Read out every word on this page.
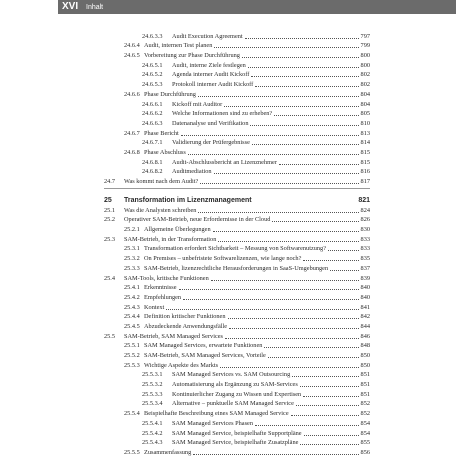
XVI Inhalt
24.6.3.3	Audit Execution Agreement	797
24.6.4 Audit, internen Test planen	799
24.6.5 Vorbereitung zur Phase Durchführung	800
24.6.5.1	Audit, interne Ziele festlegen	800
24.6.5.2	Agenda interner Audit Kickoff	802
24.6.5.3	Protokoll interner Audit Kickoff	802
24.6.6 Phase Durchführung	804
24.6.6.1	Kickoff mit Auditor	804
24.6.6.2	Welche Informationen sind zu erheben?	805
24.6.6.3	Datenanalyse und Verifikation	810
24.6.7 Phase Bericht	813
24.6.7.1	Validierung der Prüfergebnisse	814
24.6.8 Phase Abschluss	815
24.6.8.1	Audit-Abschlussbericht an Lizenznehmer	815
24.6.8.2	Auditmediation	816
24.7	Was kommt nach dem Audit?	817
25	Transformation im Lizenzmanagement	821
25.1	Was die Analysten schreiben	824
25.2	Operativer SAM-Betrieb, neue Erfordernisse in der Cloud	826
25.2.1 Allgemeine Überlegungen	830
25.3	SAM-Betrieb, in der Transformation	833
25.3.1 Transformation erfordert Sichtbarkeit – Messung von Softwarenutzung?	833
25.3.2 On Premises – unbefristete Softwarelizenzen, wie lange noch?	835
25.3.3 SAM-Betrieb, lizenzrechtliche Herausforderungen in SaaS-Umgebungen	837
25.4	SAM-Tools, kritische Funktionen	839
25.4.1 Erkenntnisse	840
25.4.2 Empfehlungen	840
25.4.3 Kontext	841
25.4.4 Definition kritischer Funktionen	842
25.4.5 Abzudeckende Anwendungsfälle	844
25.5	SAM-Betrieb, SAM Managed Services	846
25.5.1 SAM Managed Services, erwartete Funktionen	848
25.5.2 SAM-Betrieb, SAM Managed Services, Vorteile	850
25.5.3 Wichtige Aspekte des Markts	850
25.5.3.1	SAM Managed Services vs. SAM Outsourcing	851
25.5.3.2	Automatisierung als Ergänzung zu SAM-Services	851
25.5.3.3	Kontinuierlicher Zugang zu Wissen und Expertisen	851
25.5.3.4	Alternative – punktuelle SAM Managed Service	852
25.5.4 Beispielhafte Beschreibung eines SAM Managed Service	852
25.5.4.1	SAM Managed Services Phasen	854
25.5.4.2	SAM Managed Service, beispielhafte Supportpläne	854
25.5.4.3	SAM Managed Service, beispielhafte Zusatzpläne	855
25.5.5 Zusammenfassung	856
